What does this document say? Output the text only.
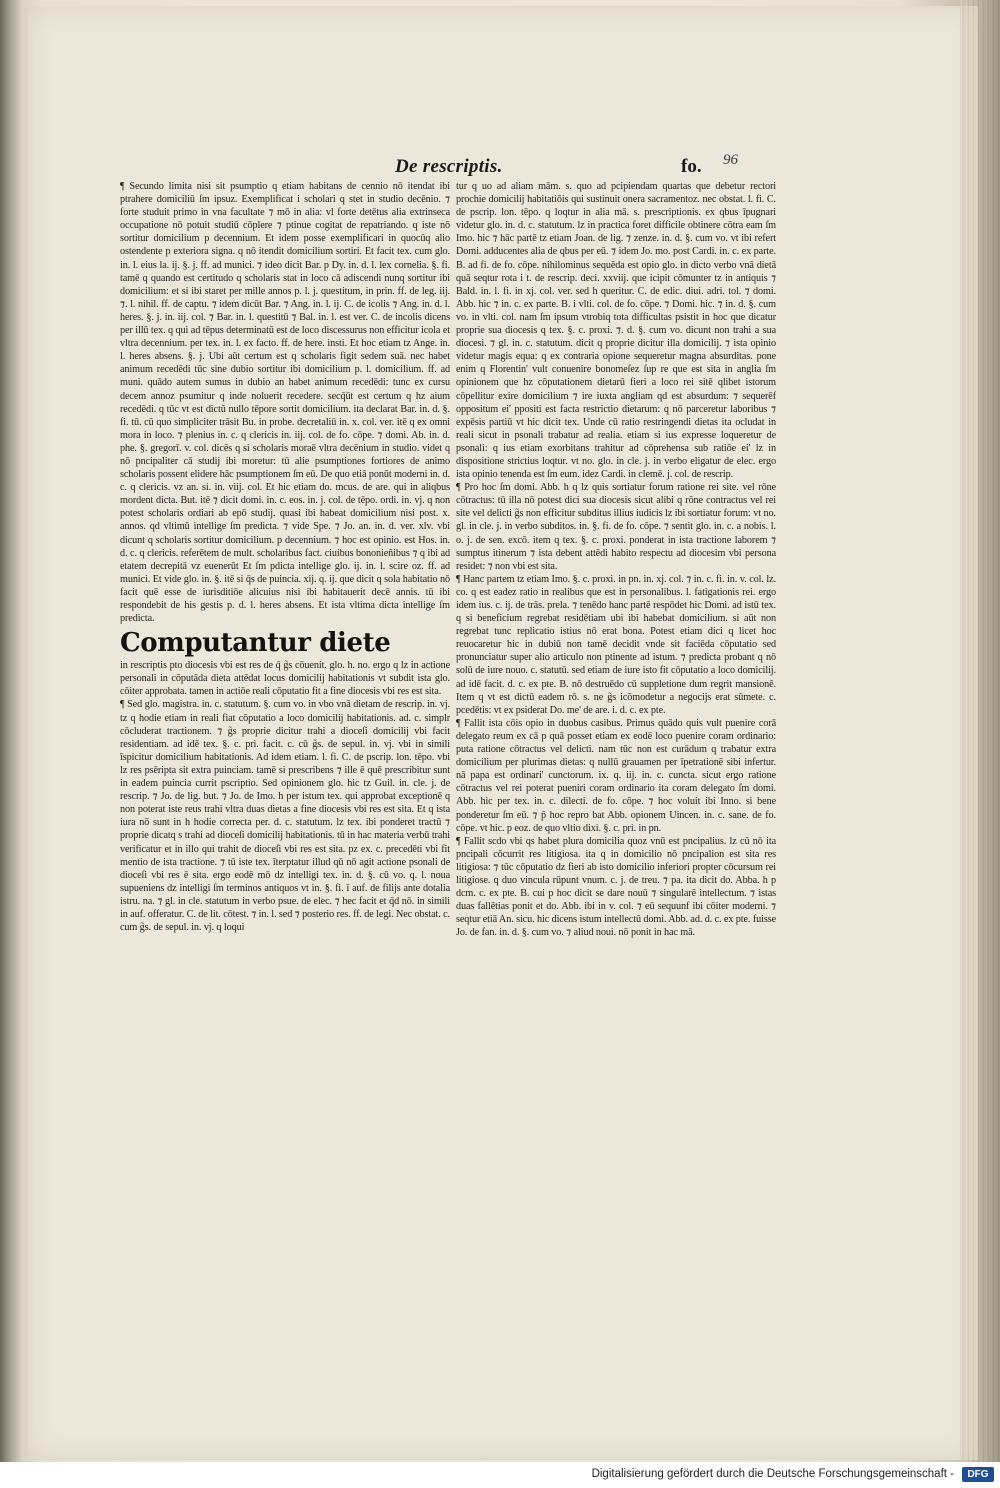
De rescriptis.	fo. 96

¶ Secundo limita nisi sit psumptio q etiam habitans de cennio nō itendat ibi ptrahere domiciliū ſm ipsuz. Exemplificat i scholari q stet in studio decēnio. ⁊ forte studuit primo in vna facultate ⁊ mō in alia: vl forte detētus alia extrinseca occupatione nō potuit studiū cōplere ⁊ ptinue cogitat de repatriando. q iste nō sortitur domicilium p decennium. Et idem posse exemplificari in quocūq alio ostendente p exteriora signa. q nō itendit domicilium sortiri. Et facit tex. cum glo. in. l. eius la. ij. §. j. ff. ad munici. ⁊ ideo dicit Bar. p Dy. in. d. l. lex cornelia. §. fi. tamē q quando est certitudo q scholaris stat in loco cā adiscendi nunq sortitur ibi domicilium: et si ibi staret per mille annos p. l. j. questitum, in prin. ff. de leg. iij. ⁊. l. nihil. ff. de captu. ⁊ idem dicūt Bar. ⁊ Ang. in. l. ij. C. de icolis ⁊ Ang. in. d. l. heres. §. j. in. iij. col. ⁊ Bar. in. l. questitū ⁊ Bal. in. l. est ver. C. de incolis dicens per illū tex. q qui ad tēpus determinatū est de loco discessurus non efficitur icola et vltra decennium. per tex. in. l. ex facto. ff. de here. insti. Et hoc etiam tz Ange. in. l. heres absens. §. j. Ubi aūt certum est q scholaris figit sedem suā. nec habet animum recedēdi tūc sine dubio sortitur ibi domicilium p. l. domicilium. ff. ad muni. quādo autem sumus in dubio an habet animum recedēdi: tunc ex cursu decem annoz psumitur q inde noluerit recedere. secq̄ūt est certum q hz aium recedēdi. q tūc vt est dictū nullo tēpore sortit domicilium. ita declarat Bar. in. d. §. fi. tū. cū quo simpliciter trāsit Bu. in probe. decretaliū in. x. col. ver. itē q ex omni mora in loco. ⁊ plenius in. c. q clericis in. iij. col. de fo. cōpe. ⁊ domi. Ab. in. d. phe. §. gregorī. v. col. dicēs q si scholaris moraē vltra decēnium in studio. videt q nō pncipaliter cā studij ibi moretur: tū alie psumptiones fortiores de animo scholaris possent elidere hāc psumptionem ſm eū. De quo etiā ponūt moderni in. d. c. q clericis. vz an. si. in. viij. col. Et hic etiam do. mcus. de are. qui in aliqbus mordent dicta. But. itē ⁊ dicit domi. in. c. eos. in. j. col. de tēpo. ordi. in. vj. q non potest scholaris ordiari ab epō studij. quasi ibi habeat domicilium nisi post. x. annos. qd vltimū intellige ſm predicta. ⁊ vide Spe. ⁊ Jo. an. in. d. ver. xlv. vbi dicunt q scholaris sortitur domicilium. p decennium. ⁊ hoc est opinio. est Hos. in. d. c. q clericis. referētem de mult. scholaribus fact. ciuibus bononieñibus ⁊ q ibi ad etatem decrepitā vz euenerūt Et ſm pdicta intellige glo. ij. in. l. scire oz. ff. ad munici. Et vide glo. in. §. itē si q̄s de puincia. xij. q. ij. que dicit q sola habitatio nō facit quē esse de iurisditiōe alicuius nisi ibi habitauerit decē annis. tū ibi respondebit de his gestis p. d. l. heres absens. Et ista vltima dicta intellige ſm predicta.

Computantur diete

in rescriptis pto diocesis vbi est res de q̄ g̃s cōuenit. glo. h. no. ergo q lz in actione personali in cōputāda dieta attēdat locus domicilij habitationis vt subdit ista glo. cōiter approbata. tamen in actiōe reali cōputatio fit a fine diocesis vbi res est sita.

¶ Sed glo. magistra. in. c. statutum. §. cum vo. in vbo vnā dietam de rescrip. in. vj. tz q hodie etiam in reali fiat cōputatio a loco domicilij habitationis. ad. c. simplr cōcluderat tractionem. ⁊ g̃s proprie dicitur trahi a dioceſi domicilij vbi facit residentiam. ad idē tex. §. c. pri. facit. c. cū g̃s. de sepul. in. vj. vbi in simili īspicitur domicilium habitationis. Ad idem etiam. l. fi. C. de pscrip. lon. tēpo. vbi lz res psēripta sit extra puinciam. tamē si prescribens ⁊ ille ē quē prescribitur sunt in eadem puincia currit pscriptio. Sed opinionem glo. hic tz Guil. in. cle. j. de rescrip. ⁊ Jo. de lig. but. ⁊ Jo. de Imo. h per istum tex. qui approbat exceptionē q non poterat iste reus trahi vltra duas dietas a fine diocesis vbi res est sita. Et q ista iura nō sunt in h hodie correcta per. d. c. statutum. lz tex. ibi ponderet tractū ⁊ proprie dicatq s trahi ad dioceſi domicilij habitationis. tū in hac materia verbū trahi verificatur et in illo qui trahit de dioceſi vbi res est sita. pz ex. c. precedēti vbi fit mentio de ista tractione. ⁊ tū iste tex. īterptatur illud qū nō agit actione psonali de dioceſi vbi res ē sita. ergo eodē mō dz intelligi tex. in. d. §. cū vo. q. l. noua supueniens dz intelligi ſm terminos antiquos vt in. §. fi. ī auf. de filijs ante dotalia istru. na. ⁊ gl. in cle. statutum in verbo psue. de elec. ⁊ hec facit et q̄d nō. in simili in auf. offeratur. C. de lit. cōtest. ⁊ in. l. sed ⁊ posterio res. ff. de legi. Nec obstat. c. cum g̃s. de sepul. in. vj. q loqui

tur q uo ad aliam mām. s. quo ad pcipiendam quartas que debetur rectori prochie domicilij habitatiōis qui sustinuit onera sacramentoz. nec obstat. l. fi. C. de pscrip. lon. tēpo. q loqtur in alia mā. s. prescriptionis. ex qbus īpugnari videtur glo. in. d. c. statutum. lz in practica foret difficile obtinere cōtra eam ſm Imo. hic ⁊ hāc partē tz etiam Joan. de lig. ⁊ zenze. in. d. §. cum vo. vt ibi refert Domi. adducentes alia de qbus per eū. ⁊ idem Jo. mo. post Cardi. in. c. ex parte. B. ad fi. de fo. cōpe. nihilominus sequēda est opio glo. in dicto verbo vnā dietā quā seqtur rota i t. de rescrip. deci. xxviij. que icipit cōmunter tz in antiquis ⁊ Bald. in. l. fi. in xj. col. ver. sed h queritur. C. de edic. diui. adri. tol. ⁊ domi. Abb. hic ⁊ in. c. ex parte. B. i vlti. col. de fo. cōpe. ⁊ Domi. hic. ⁊ in. d. §. cum vo. in vlti. col. nam ſm ipsum vtrobiq tota difficultas psistit in hoc que dicatur proprie sua diocesis q tex. §. c. proxi. ⁊. d. §. cum vo. dicunt non trahi a sua diocesi. ⁊ gl. in. c. statutum. dicit q proprie dicitur illa domicilij. ⁊ ista opinio videtur magis equa: q ex contraria opione sequeretur magna absurditas. pone enim q Florentin' vult conuenire bonomeſez ſup re que est sita in anglia ſm opinionem que hz cōputationem dietarū fieri a loco rei sitē qlibet istorum cōpellitur exire domicilium ⁊ ire iuxta angliam qd est absurdum: ⁊ sequerēf oppositum ei' ppositi est facta restrictio dietarum: q nō parceretur laboribus ⁊ expēsis partiū vt hic dicit tex. Unde cū ratio restringendi dietas ita ocludat in reali sicut in psonali trabatur ad realia. etiam si ius expresse loqueretur de psonali: q ius etiam exorbitans trahitur ad cōprehensa sub ratiōe ei' lz in dispositione strictius loqtur. vt no. glo. in cle. j. in verbo eligatur de elec. ergo ista opinio tenenda est ſm eum. idez Cardi. in clemē. j. col. de rescrip.

¶ Pro hoc ſm domi. Abb. h q lz quis sortiatur forum ratione rei site. vel rōne cōtractus: tū illa nō potest dici sua diocesis sicut alibi q rōne contractus vel rei site vel delicti g̃s non efficitur subditus illius iudicis lz ibi sortiatur forum: vt no. gl. in cle. j. in verbo subditos. in. §. fi. de fo. cōpe. ⁊ sentit glo. in. c. a nobis. l. o. j. de sen. excō. item q tex. §. c. proxi. ponderat in ista tractione laborem ⁊ sumptus itinerum ⁊ ista debent attēdi habito respectu ad diocesim vbi persona residet: ⁊ non vbi est sita.

¶ Hanc partem tz etiam Imo. §. c. proxi. in pn. in. xj. col. ⁊ in. c. fi. in. v. col. lz. co. q est eadez ratio in realibus que est in personalibus. l. fatigationis rei. ergo idem ius. c. ij. de trās. prela. ⁊ tenēdo hanc partē respōdet hic Domi. ad istū tex. q si beneficium regrebat residētiam ubi ibi habebat domicilium. si aūt non regrebat tunc replicatio istius nō erat bona. Potest etiam dici q licet hoc reuocaretur hic in dubiū non tamē decidit vnde sit faciēda cōputatio sed pronunciatur super alio articulo non ptinente ad istum. ⁊ predicta probant q nō solū de iure nouo. c. statutū. sed etiam de iure isto fit cōputatio a loco domicilij. ad idē facit. d. c. ex pte. B. nō destruēdo cū suppletione dum regrit mansionē. Item q vt est dictū eadem rō. s. ne g̃s icōmodetur a negocijs erat sūmete. c. pcedētis: vt ex psiderat Do. me' de are. i. d. c. ex pte.

¶ Fallit ista cōis opio in duobus casibus. Primus quādo quis vult puenire corā delegato reum ex cā p quā posset etiam ex eodē loco puenire coram ordinario: puta ratione cōtractus vel delicti. nam tūc non est curādum q trabatur extra domicilium per plurimas dietas: q nullū grauamen per īpetrationē sibi infertur. nā papa est ordinari' cunctorum. ix. q. iij. in. c. cuncta. sicut ergo ratione cōtractus vel rei poterat pueniri coram ordinario ita coram delegato ſm domi. Abb. hic per tex. in. c. dilecti. de fo. cōpe. ⁊ hoc voluit ibi Inno. si bene ponderetur ſm eū. ⁊ p̃ hoc repro bat Abb. opionem Uincen. in. c. sane. de fo. cōpe. vt hic. p eoz. de quo vltio dixi. §. c. pri. in pn.

¶ Fallit scdo vbi qs habet plura domicilia quoz vnū est pncipalius. lz cū nō ita pncipali cōcurrit res litigiosa. ita q in domicilio nō pncipalion est sita res litigiosa: ⁊ tūc cōputatio dz fieri ab isto domicilio inferiori propter cōcursum rei litigiose. q duo vincula rūpunt vnum. c. j. de treu. ⁊ pa. ita dicit do. Abba. h p dcm. c. ex pte. B. cui p hoc dicit se dare nouū ⁊ singularē intellectum. ⁊ istas duas fallētias ponit et do. Abb. ibi in v. col. ⁊ eū sequunf ibi cōiter moderni. ⁊ seqtur etiā An. sicu. hic dicens istum intellectū domi. Abb. ad. d. c. ex pte. fuisse Jo. de fan. in. d. §. cum vo. ⁊ aliud noui. nō ponit in hac mā.

Digitalisierung gefördert durch die Deutsche Forschungsgemeinschaft -	DFG
